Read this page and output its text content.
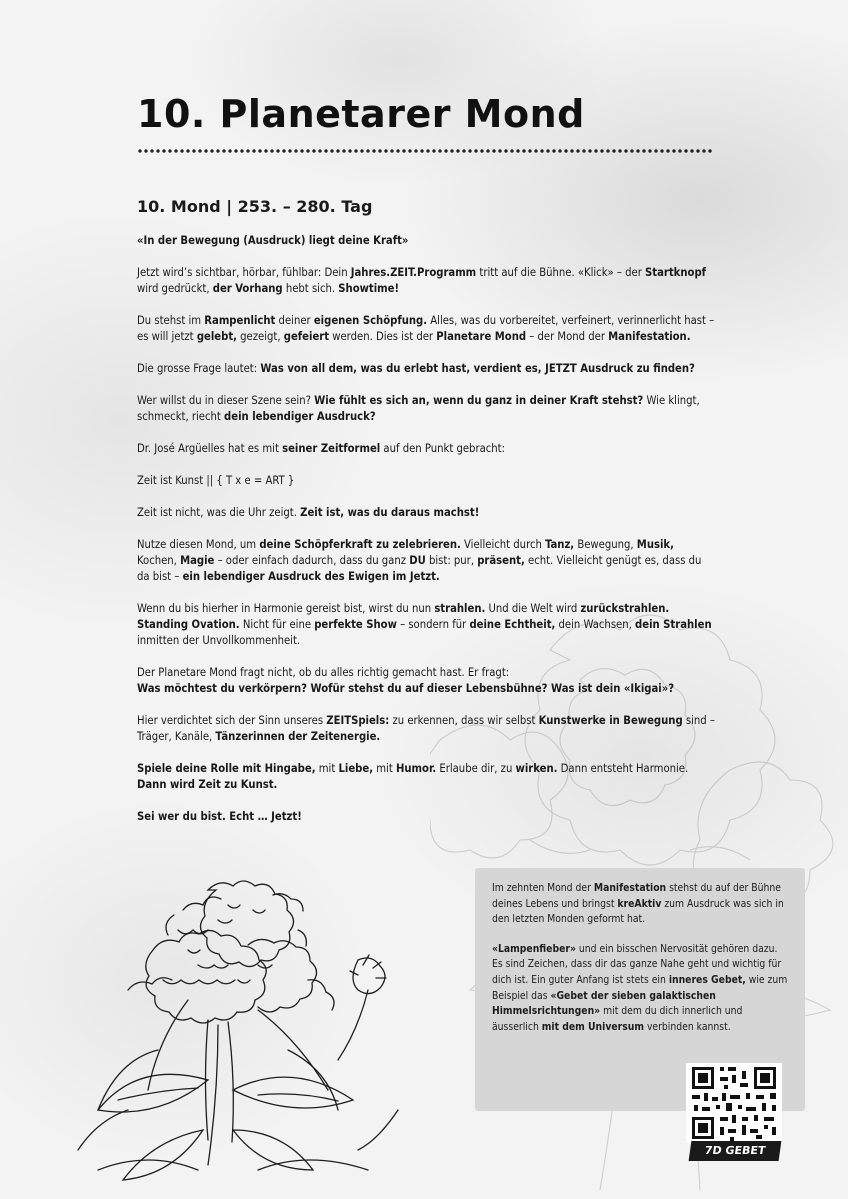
10. Planetarer Mond
10. Mond | 253. – 280. Tag

«In der Bewegung (Ausdruck) liegt deine Kraft»

Jetzt wird’s sichtbar, hörbar, fühlbar: Dein Jahres.ZEIT.Programm tritt auf die Bühne. «Klick» – der Startknopf wird gedrückt, der Vorhang hebt sich. Showtime!

Du stehst im Rampenlicht deiner eigenen Schöpfung. Alles, was du vorbereitet, verfeinert, verinnerlicht hast – es will jetzt gelebt, gezeigt, gefeiert werden. Dies ist der Planetare Mond – der Mond der Manifestation.

Die grosse Frage lautet: Was von all dem, was du erlebt hast, verdient es, JETZT Ausdruck zu finden?

Wer willst du in dieser Szene sein? Wie fühlt es sich an, wenn du ganz in deiner Kraft stehst? Wie klingt, schmeckt, riecht dein lebendiger Ausdruck?

Dr. José Argüelles hat es mit seiner Zeitformel auf den Punkt gebracht:

Zeit ist Kunst || { T x e = ART }

Zeit ist nicht, was die Uhr zeigt. Zeit ist, was du daraus machst!

Nutze diesen Mond, um deine Schöpferkraft zu zelebrieren. Vielleicht durch Tanz, Bewegung, Musik, Kochen, Magie – oder einfach dadurch, dass du ganz DU bist: pur, präsent, echt. Vielleicht genügt es, dass du da bist – ein lebendiger Ausdruck des Ewigen im Jetzt.

Wenn du bis hierher in Harmonie gereist bist, wirst du nun strahlen. Und die Welt wird zurückstrahlen. Standing Ovation. Nicht für eine perfekte Show – sondern für deine Echtheit, dein Wachsen, dein Strahlen inmitten der Unvollkommenheit.

Der Planetare Mond fragt nicht, ob du alles richtig gemacht hast. Er fragt:

Was möchtest du verkörpern? Wofür stehst du auf dieser Lebensbühne? Was ist dein «Ikigai»?

Hier verdichtet sich der Sinn unseres ZEITSpiels: zu erkennen, dass wir selbst Kunstwerke in Bewegung sind – Träger, Kanäle, Tänzerinnen der Zeitenergie.

Spiele deine Rolle mit Hingabe, mit Liebe, mit Humor. Erlaube dir, zu wirken. Dann entsteht Harmonie. Dann wird Zeit zu Kunst.

Sei wer du bist. Echt … Jetzt!

Im zehnten Mond der Manifestation stehst du auf der Bühne deines Lebens und bringst kreAktiv zum Ausdruck was sich in den letzten Monden geformt hat.

«Lampenfieber» und ein bisschen Nervosität gehören dazu. Es sind Zeichen, dass dir das ganze Nahe geht und wichtig für dich ist. Ein guter Anfang ist stets ein inneres Gebet, wie zum Beispiel das «Gebet der sieben galaktischen Himmelsrichtungen» mit dem du dich innerlich und äusserlich mit dem Universum verbinden kannst.

7D GEBET
